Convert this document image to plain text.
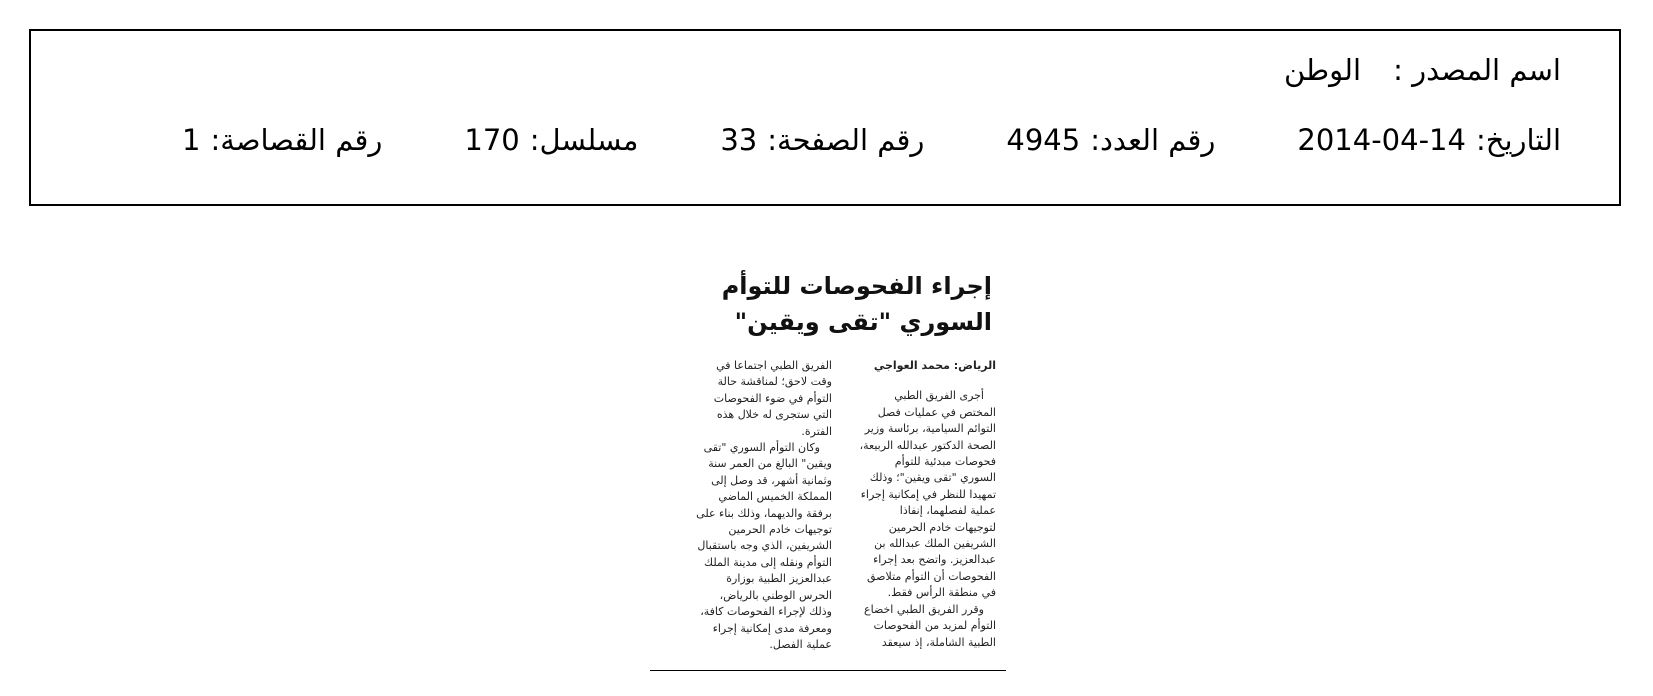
اسم المصدر :
الوطن
التاريخ:
2014-04-14
رقم العدد:
4945
رقم الصفحة:
33
مسلسل:
170
رقم القصاصة:
1
إجراء الفحوصات للتوأم
السوري "تقى ويقين"
الرياض: محمد العواجي

أجرى الفريق الطبي المختص في عمليات فصل التوائم السيامية، برئاسة وزير الصحة الدكتور عبدالله الربيعة، فحوصات مبدئية للتوأم السوري "تقى ويقين"؛ وذلك تمهيدا للنظر في إمكانية إجراء عملية لفصلهما، إنفاذا لتوجيهات خادم الحرمين الشريفين الملك عبدالله بن عبدالعزيز. واتضح بعد إجراء الفحوصات أن التوأم متلاصق في منطقة الرأس فقط.

وقرر الفريق الطبي اخضاع التوأم لمزيد من الفحوصات الطبية الشاملة، إذ سيعقد

الفريق الطبي اجتماعا في وقت لاحق؛ لمناقشة حالة التوأم في ضوء الفحوصات التي ستجرى له خلال هذه الفترة.

وكان التوأم السوري "تقى ويقين" البالغ من العمر سنة وثمانية أشهر، قد وصل إلى المملكة الخميس الماضي برفقة والديهما، وذلك بناء على توجيهات خادم الحرمين الشريفين، الذي وجه باستقبال التوأم ونقله إلى مدينة الملك عبدالعزيز الطبية بوزارة الحرس الوطني بالرياض، وذلك لإجراء الفحوصات كافة، ومعرفة مدى إمكانية إجراء عملية الفصل.
